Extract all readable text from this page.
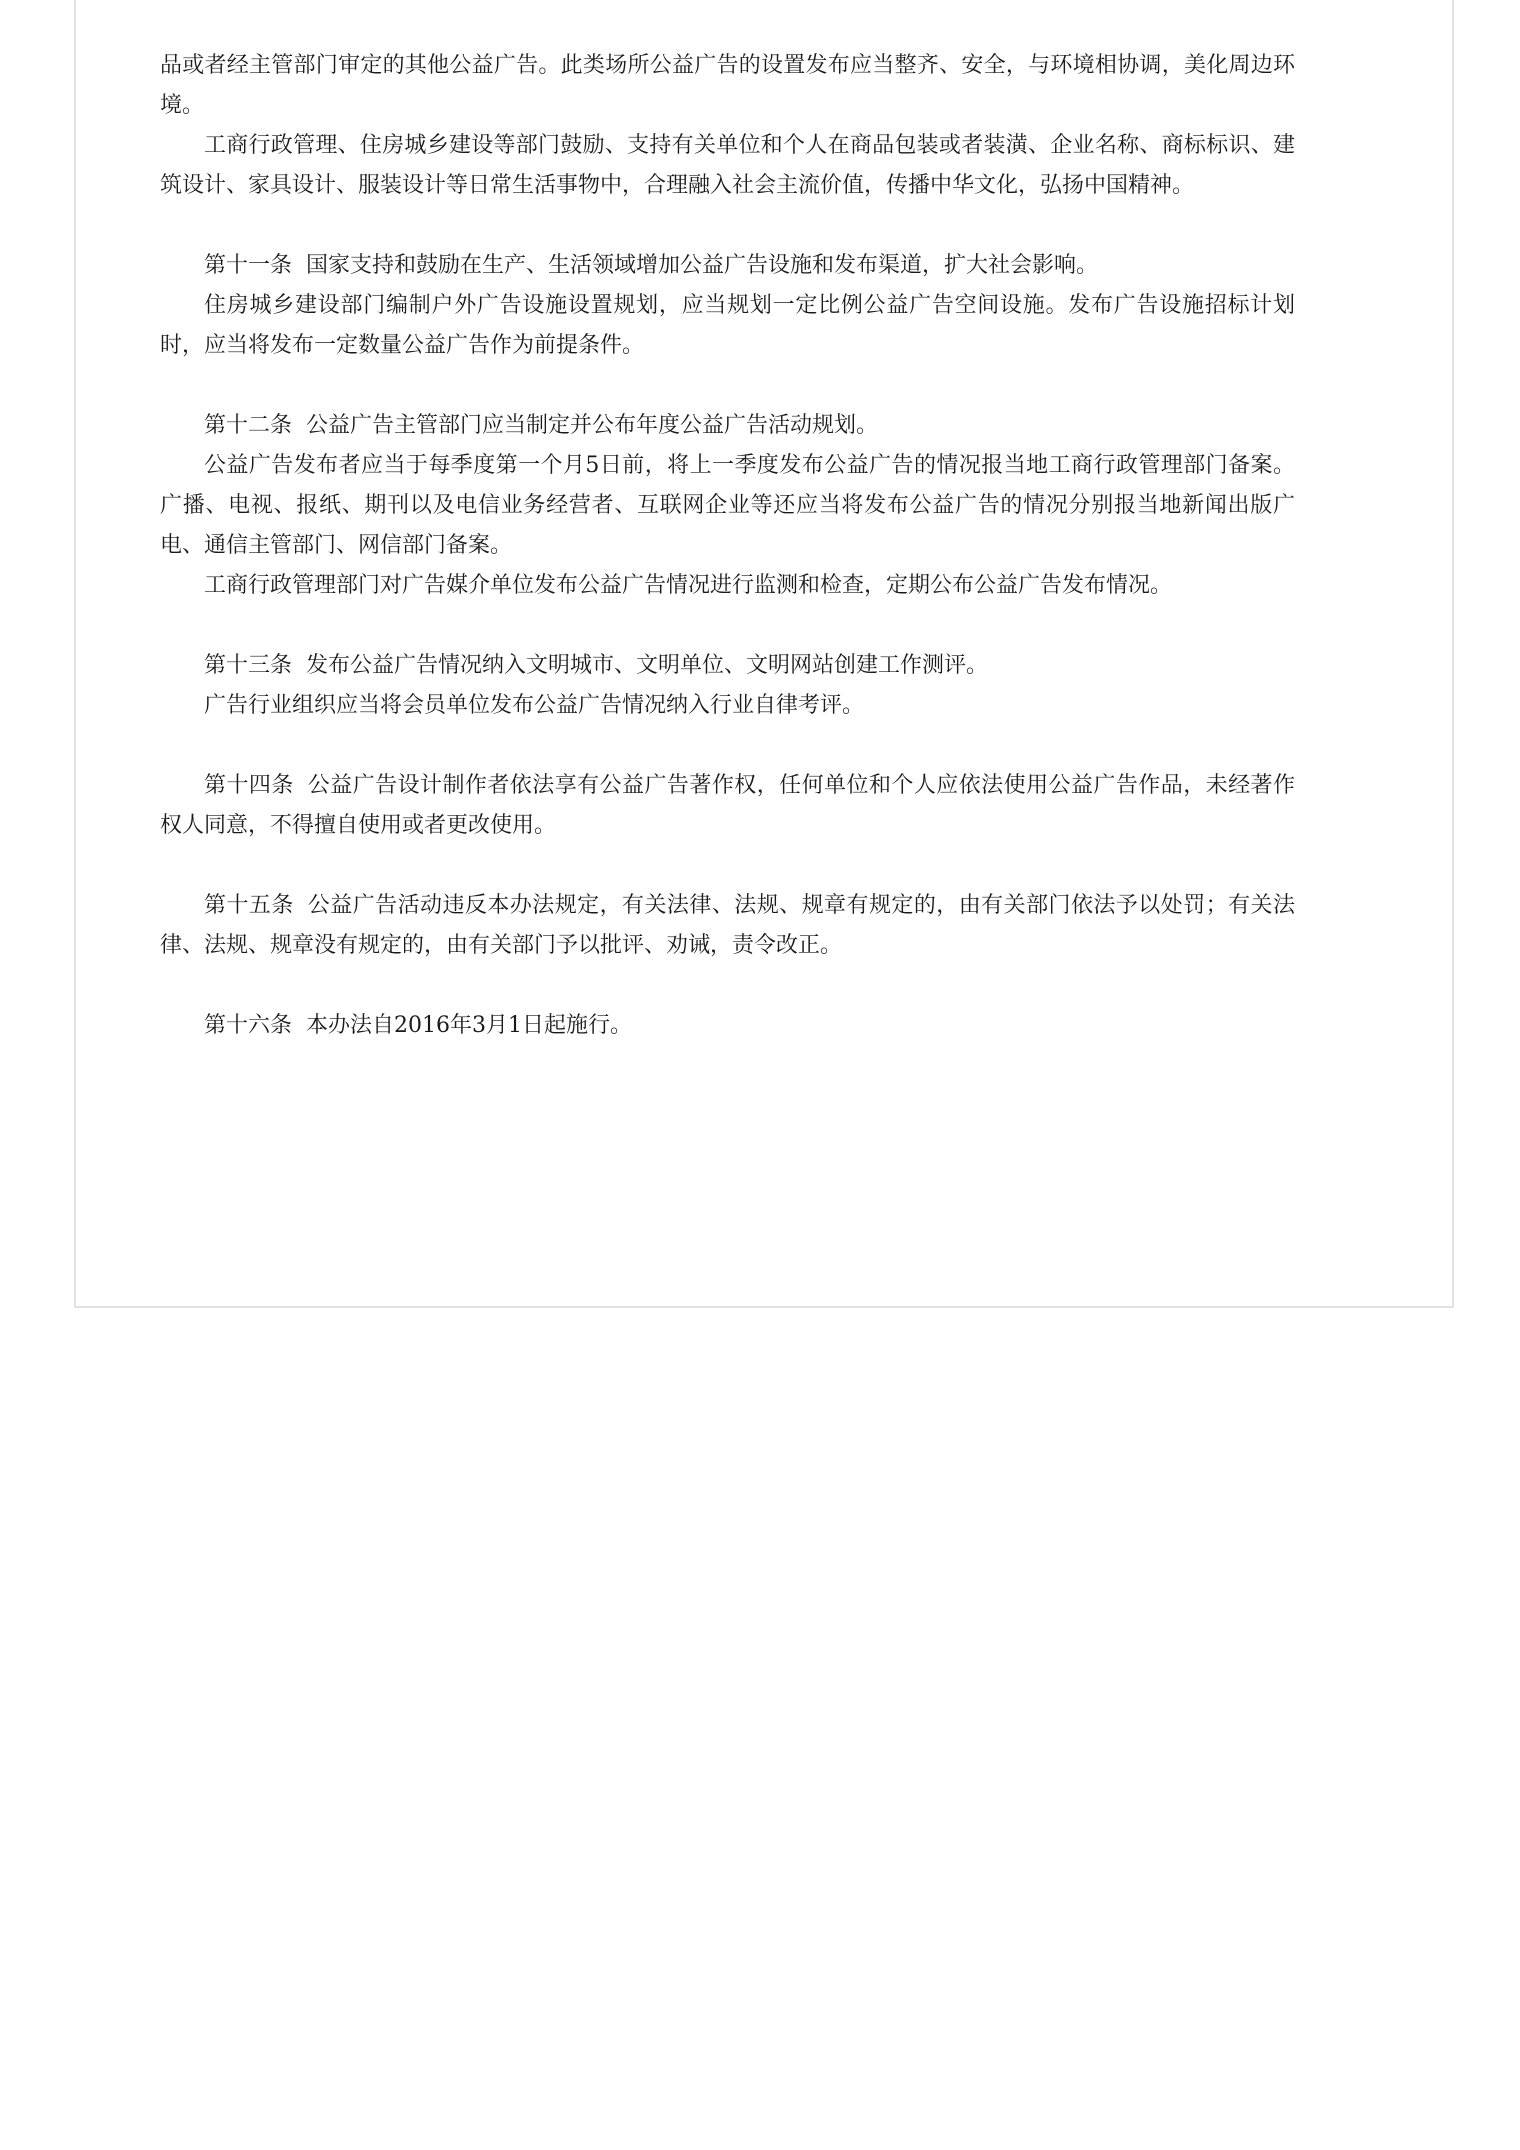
品或者经主管部门审定的其他公益广告。此类场所公益广告的设置发布应当整齐、安全，与环境相协调，美化周边环境。

工商行政管理、住房城乡建设等部门鼓励、支持有关单位和个人在商品包装或者装潢、企业名称、商标标识、建筑设计、家具设计、服装设计等日常生活事物中，合理融入社会主流价值，传播中华文化，弘扬中国精神。

第十一条 国家支持和鼓励在生产、生活领域增加公益广告设施和发布渠道，扩大社会影响。

住房城乡建设部门编制户外广告设施设置规划，应当规划一定比例公益广告空间设施。发布广告设施招标计划时，应当将发布一定数量公益广告作为前提条件。

第十二条 公益广告主管部门应当制定并公布年度公益广告活动规划。

公益广告发布者应当于每季度第一个月5日前，将上一季度发布公益广告的情况报当地工商行政管理部门备案。广播、电视、报纸、期刊以及电信业务经营者、互联网企业等还应当将发布公益广告的情况分别报当地新闻出版广电、通信主管部门、网信部门备案。

工商行政管理部门对广告媒介单位发布公益广告情况进行监测和检查，定期公布公益广告发布情况。

第十三条 发布公益广告情况纳入文明城市、文明单位、文明网站创建工作测评。

广告行业组织应当将会员单位发布公益广告情况纳入行业自律考评。

第十四条 公益广告设计制作者依法享有公益广告著作权，任何单位和个人应依法使用公益广告作品，未经著作权人同意，不得擅自使用或者更改使用。

第十五条 公益广告活动违反本办法规定，有关法律、法规、规章有规定的，由有关部门依法予以处罚；有关法律、法规、规章没有规定的，由有关部门予以批评、劝诫，责令改正。

第十六条 本办法自2016年3月1日起施行。
